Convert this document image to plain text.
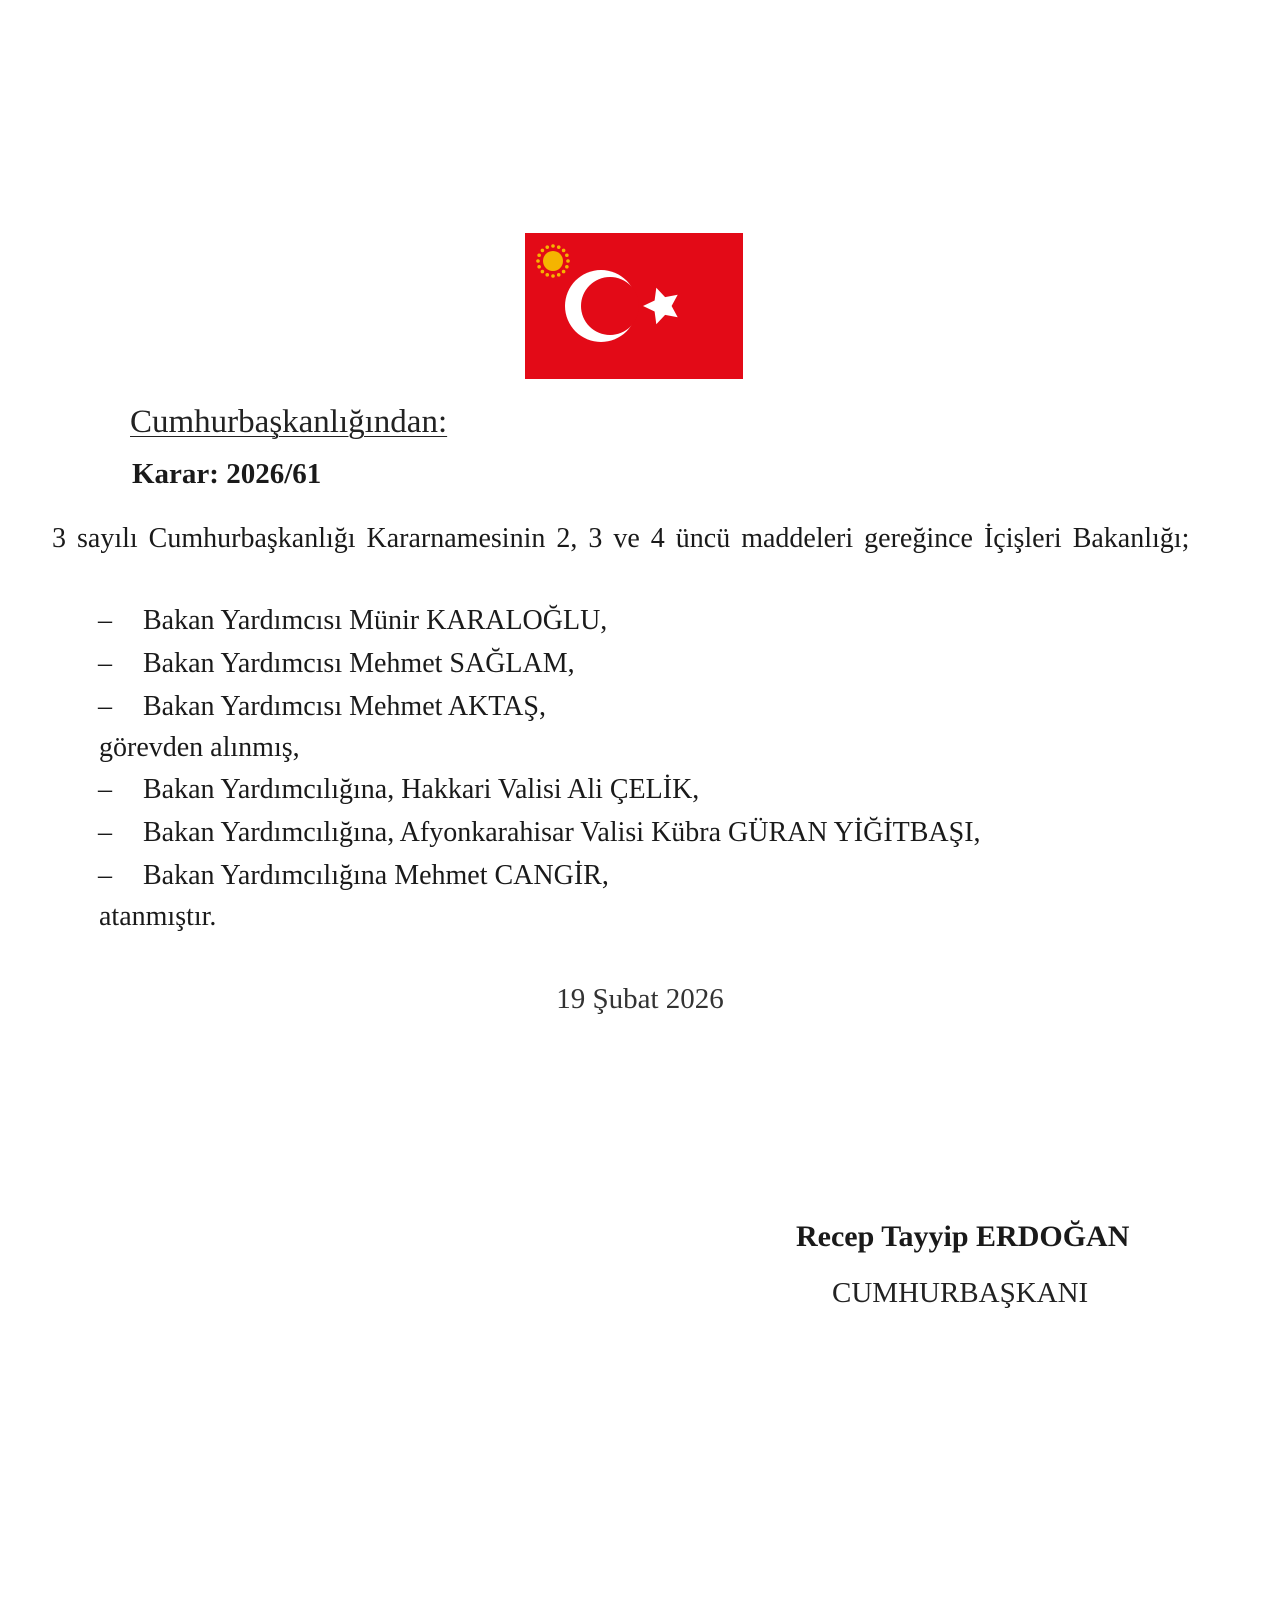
Cumhurbaşkanlığından:
Karar: 2026/61
3 sayılı Cumhurbaşkanlığı Kararnamesinin 2, 3 ve 4 üncü maddeleri gereğince İçişleri Bakanlığı;
– Bakan Yardımcısı Münir KARALOĞLU,
– Bakan Yardımcısı Mehmet SAĞLAM,
– Bakan Yardımcısı Mehmet AKTAŞ,
görevden alınmış,
– Bakan Yardımcılığına, Hakkari Valisi Ali ÇELİK,
– Bakan Yardımcılığına, Afyonkarahisar Valisi Kübra GÜRAN YİĞİTBAŞI,
– Bakan Yardımcılığına Mehmet CANGİR,
atanmıştır.
19 Şubat 2026
Recep Tayyip ERDOĞAN
CUMHURBAŞKANI
